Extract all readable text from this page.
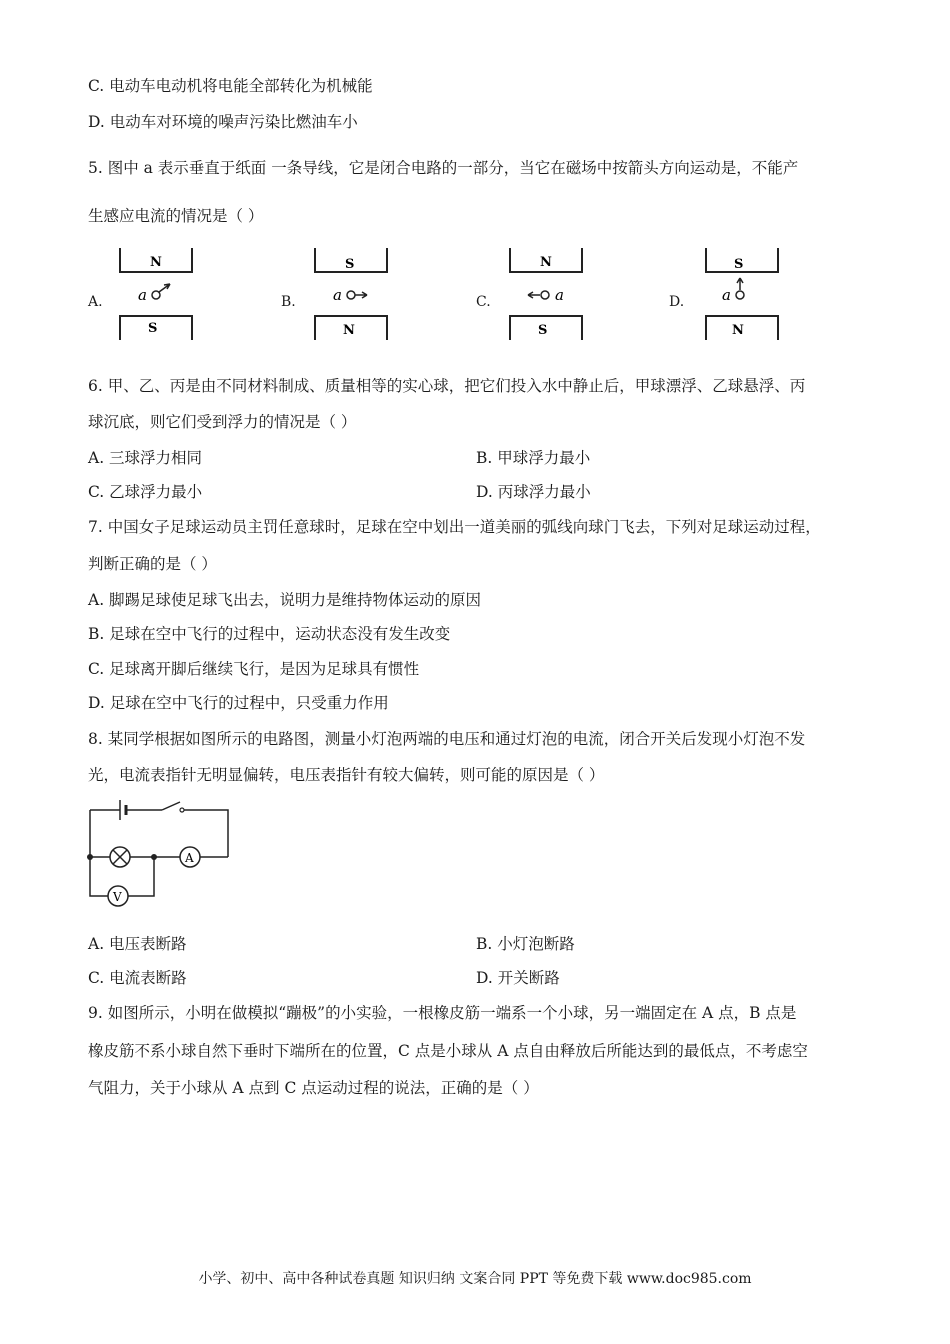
C. 电动车电动机将电能全部转化为机械能
D. 电动车对环境的噪声污染比燃油车小
5. 图中 a 表示垂直于纸面 一条导线，它是闭合电路的一部分，当它在磁场中按箭头方向运动是，不能产
生感应电流的情况是（ ）
A.
N
a
S
B.
S
a
N
C.
N
a
S
D.
S
a
N
6. 甲、乙、丙是由不同材料制成、质量相等的实心球，把它们投入水中静止后，甲球漂浮、乙球悬浮、丙
球沉底，则它们受到浮力的情况是（ ）
A. 三球浮力相同	B. 甲球浮力最小
C. 乙球浮力最小	D. 丙球浮力最小
7. 中国女子足球运动员主罚任意球时，足球在空中划出一道美丽的弧线向球门飞去，下列对足球运动过程，
判断正确的是（ ）
A. 脚踢足球使足球飞出去，说明力是维持物体运动的原因
B. 足球在空中飞行的过程中，运动状态没有发生改变
C. 足球离开脚后继续飞行，是因为足球具有惯性
D. 足球在空中飞行的过程中，只受重力作用
8. 某同学根据如图所示的电路图，测量小灯泡两端的电压和通过灯泡的电流，闭合开关后发现小灯泡不发
光，电流表指针无明显偏转，电压表指针有较大偏转，则可能的原因是（ ）
A
V
A. 电压表断路	B. 小灯泡断路
C. 电流表断路	D. 开关断路
9. 如图所示，小明在做模拟“蹦极”的小实验，一根橡皮筋一端系一个小球，另一端固定在 A 点，B 点是
橡皮筋不系小球自然下垂时下端所在的位置，C 点是小球从 A 点自由释放后所能达到的最低点，不考虑空
气阻力，关于小球从 A 点到 C 点运动过程的说法，正确的是（ ）
小学、初中、高中各种试卷真题 知识归纳 文案合同 PPT 等免费下载 www.doc985.com
